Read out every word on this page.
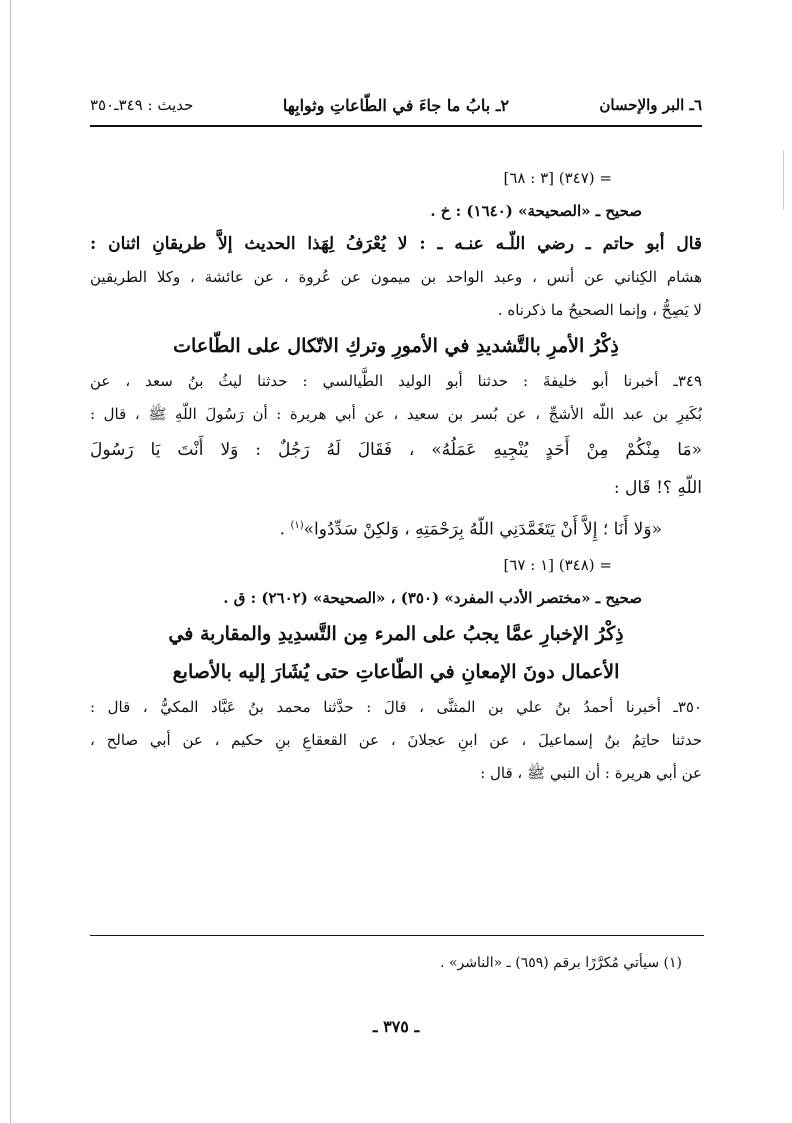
٦ـ البر والإحسان
٢ـ بابُ ما جاءَ في الطّاعاتِ وثوابِها
حديث : ٣٤٩ـ٣٥٠
= (٣٤٧) [٣ : ٦٨]
صحيح ـ «الصحيحة» (١٦٤٠) : خ .
قال أبو حاتم ـ رضي اللّـه عنـه ـ : لا يُعْرَفُ لِهَذا الحديث إلاَّ طريقانِ اثنان :
هشام الكِناني عن أنس ، وعبد الواحد بن ميمون عن عُروة ، عن عائشة ، وكلا الطريقين
لا يَصِحُّ ، وإنما الصحيحُ ما ذكرناه .
ذِكْرُ الأمرِ بالتَّشديدِ في الأمورِ وتركِ الاتّكال على الطّاعات
٣٤٩ـ أخبرنا أبو خليفةَ : حدثنا أبو الوليد الطَّيالسي : حدثنا ليثُ بنُ سعد ، عن
بُكَيرِ بن عبد اللّه الأشجِّ ، عن بُسر بن سعيد ، عن أبي هريرة : أن رَسُولَ اللّهِ ﷺ ، قال :
«مَا مِنْكُمْ مِنْ أَحَدٍ يُنْجِيهِ عَمَلُهُ» ، فَقَالَ لَهُ رَجُلٌ : وَلا أَنْتَ يَا رَسُولَ
اللّهِ ؟! قَال :
«وَلا أَنَا ؛ إِلاَّ أَنْ يَتَغَمَّدَنِي اللّهُ بِرَحْمَتِهِ ، وَلكِنْ سَدِّدُوا»$^{(١)}$ .
= (٣٤٨) [١ : ٦٧]
صحيح ـ «مختصر الأدب المفرد» (٣٥٠) ، «الصحيحة» (٢٦٠٢) : ق .
ذِكْرُ الإخبارِ عمَّا يجبُ على المرء مِن التَّسدِيدِ والمقاربة في
الأعمال دونَ الإمعانِ في الطّاعاتِ حتى يُشَارَ إليه بالأصابع
٣٥٠ـ أخبرنا أحمدُ بنُ علي بن المثنَّى ، قالَ : حدَّثنا محمد بنُ عَبَّاد المكيُّ ، قال :
حدثنا حاتِمُ بنُ إسماعيلَ ، عن ابنِ عجلانَ ، عن القعقاعِ بنِ حكيم ، عن أبي صالح ،
عن أبي هريرة : أن النبي ﷺ ، قال :
(١) سيأتي مُكرَّرًا برقم (٦٥٩) ـ «الناشر» .
ـ ٣٧٥ ـ
